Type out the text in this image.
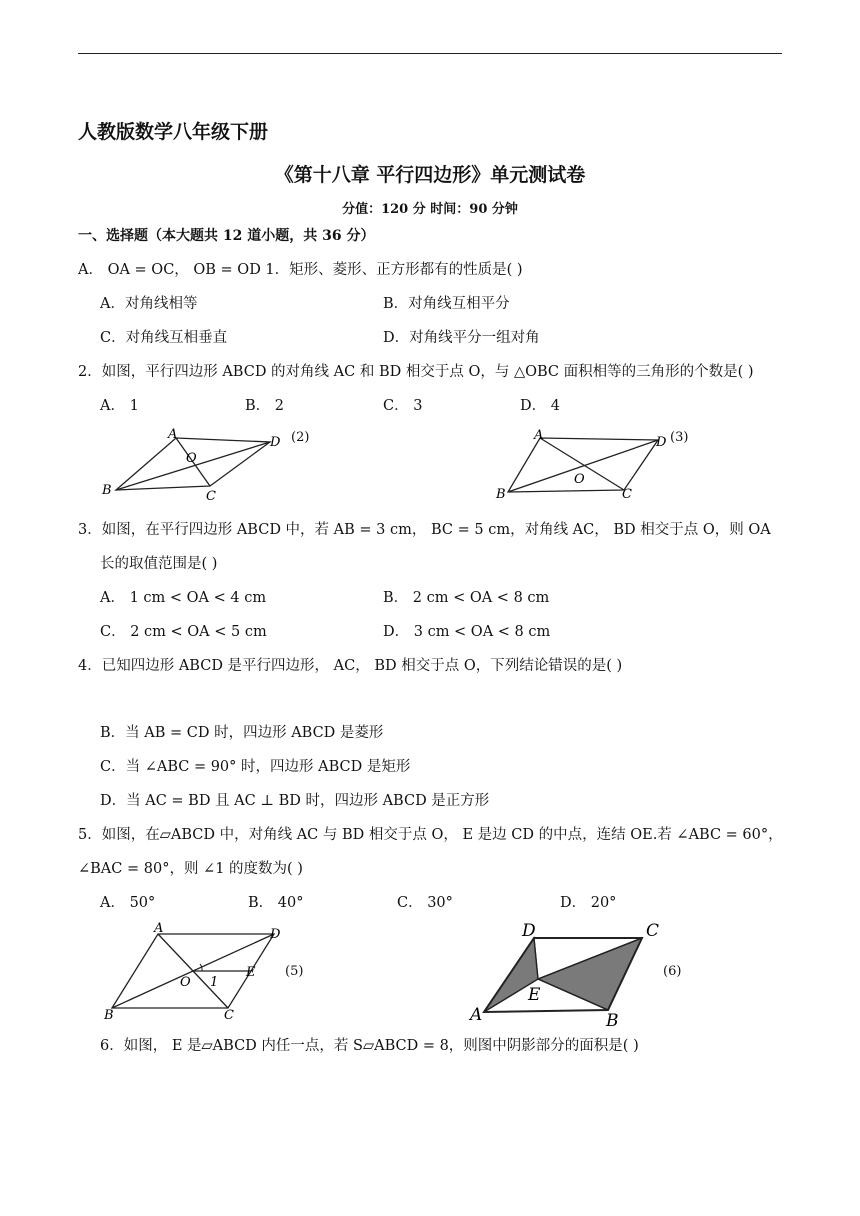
人教版数学八年级下册
《第十八章 平行四边形》单元测试卷
分值：120 分 时间：90 分钟
一、选择题（本大题共 12 道小题，共 36 分）
A． OA = OC， OB = OD 1．矩形、菱形、正方形都有的性质是( )
A．对角线相等	B．对角线互相平分
C．对角线互相垂直	D．对角线平分一组对角
2．如图，平行四边形 ABCD 的对角线 AC 和 BD 相交于点 O，与 △OBC 面积相等的三角形的个数是( )
A． 1	B． 2	C． 3	D． 4
A
D
O
B	C
(2)	A	D
O
B	C
(3)
3．如图，在平行四边形 ABCD 中，若 AB = 3 cm， BC = 5 cm，对角线 AC， BD 相交于点 O，则 OA
长的取值范围是( )
A． 1 cm < OA < 4 cm	B． 2 cm < OA < 8 cm
C． 2 cm < OA < 5 cm	D． 3 cm < OA < 8 cm
4．已知四边形 ABCD 是平行四边形， AC， BD 相交于点 O，下列结论错误的是( )
B．当 AB = CD 时，四边形 ABCD 是菱形
C．当 ∠ABC = 90° 时，四边形 ABCD 是矩形
D．当 AC = BD 且 AC ⊥ BD 时，四边形 ABCD 是正方形
5．如图，在▱ABCD 中，对角线 AC 与 BD 相交于点 O， E 是边 CD 的中点，连结 OE.若 ∠ABC = 60°，
∠BAC = 80°，则 ∠1 的度数为( )
A． 50°	B． 40°	C． 30°	D． 20°
A	D
O 1
E
B	C
(5)
D	C
E
A	B
(6)
6．如图， E 是▱ABCD 内任一点，若 S▱ABCD = 8，则图中阴影部分的面积是( )
